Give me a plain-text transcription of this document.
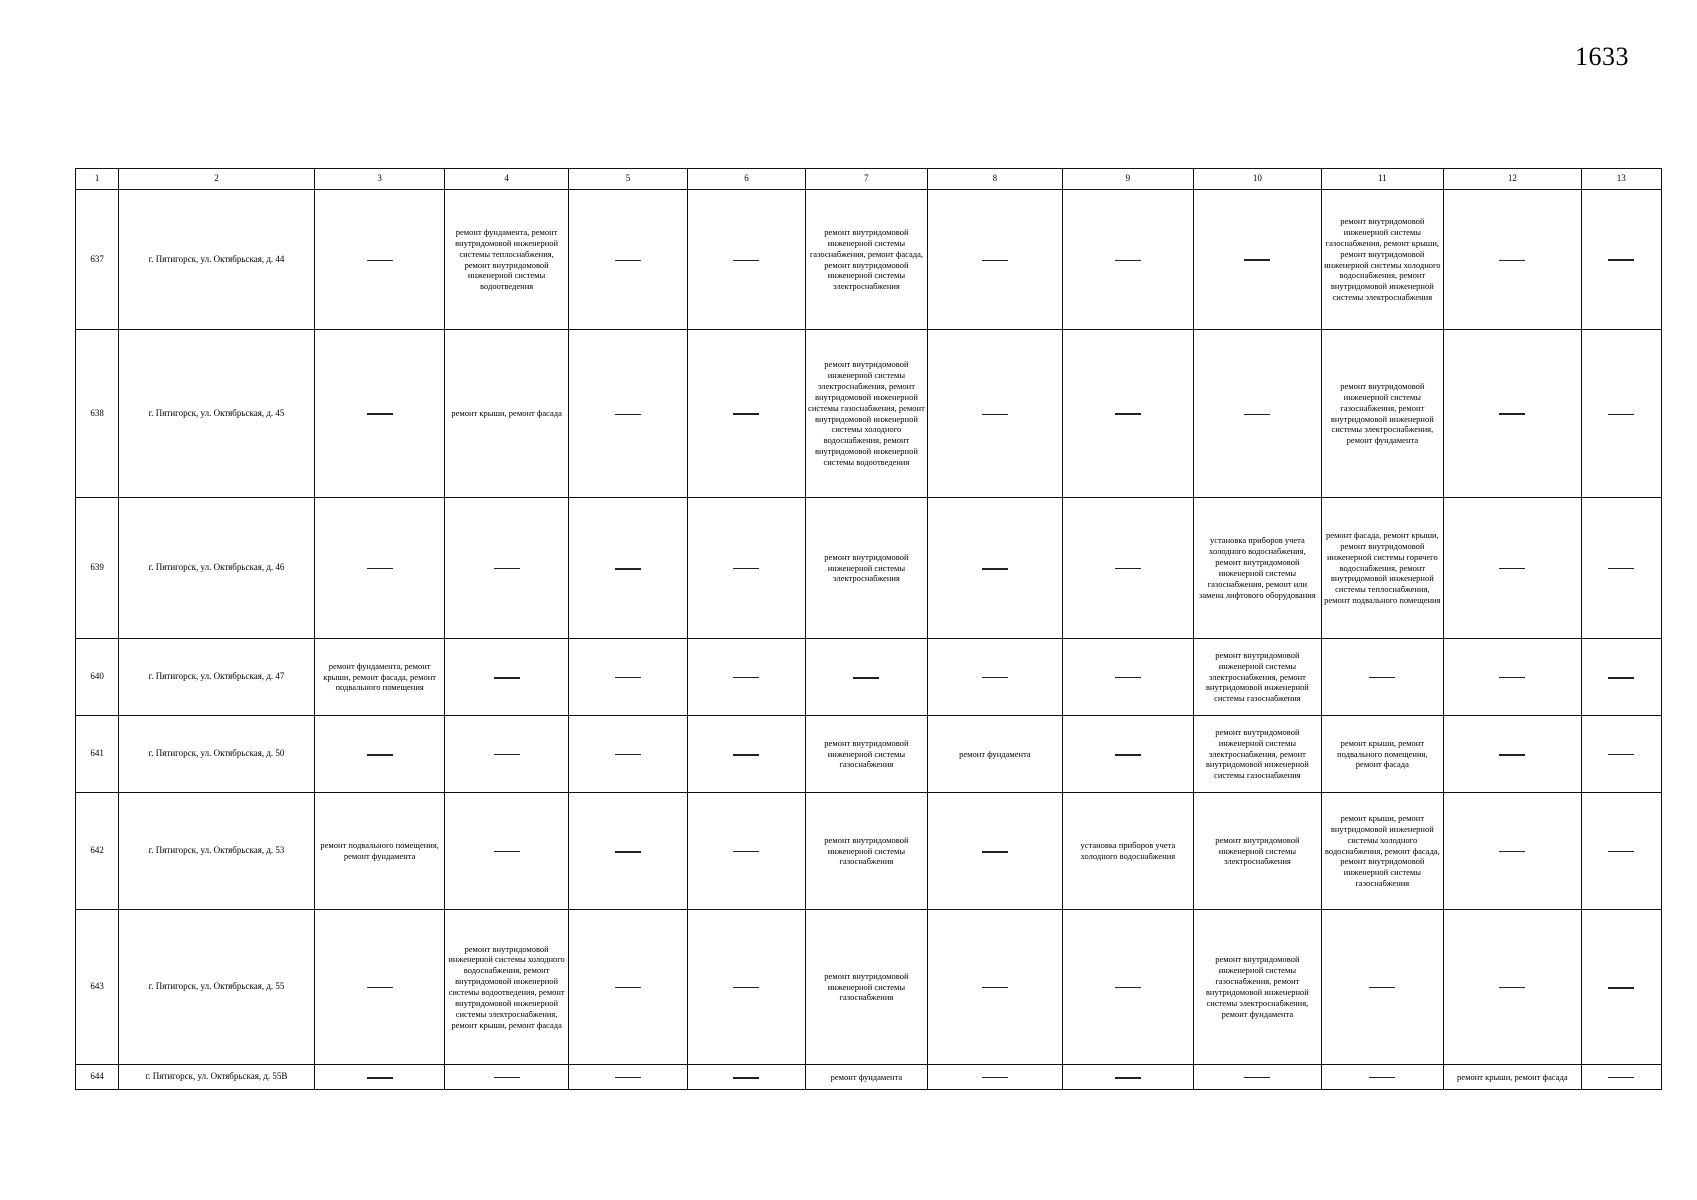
1633
1	2	3	4	5	6	7	8	9	10	11	12	13
637	г. Пятигорск, ул. Октябрьская, д. 44		ремонт фундамента, ремонт внутридомовой инженерной системы теплоснабжения, ремонт внутридомовой инженерной системы водоотведения			ремонт внутридомовой инженерной системы газоснабжения, ремонт фасада, ремонт внутридомовой инженерной системы электроснабжения				ремонт внутридомовой инженерной системы газоснабжения, ремонт крыши, ремонт внутридомовой инженерной системы холодного водоснабжения, ремонт внутридомовой инженерной системы электроснабжения		
638	г. Пятигорск, ул. Октябрьская, д. 45		ремонт крыши, ремонт фасада			ремонт внутридомовой инженерной системы электроснабжения, ремонт внутридомовой инженерной системы газоснабжения, ремонт внутридомовой инженерной системы холодного водоснабжения, ремонт внутридомовой инженерной системы водоотведения				ремонт внутридомовой инженерной системы газоснабжения, ремонт внутридомовой инженерной системы электроснабжения, ремонт фундамента		
639	г. Пятигорск, ул. Октябрьская, д. 46					ремонт внутридомовой инженерной системы электроснабжения			установка приборов учета холодного водоснабжения, ремонт внутридомовой инженерной системы газоснабжения, ремонт или замена лифтового оборудования	ремонт фасада, ремонт крыши, ремонт внутридомовой инженерной системы горячего водоснабжения, ремонт внутридомовой инженерной системы теплоснабжения, ремонт подвального помещения		
640	г. Пятигорск, ул. Октябрьская, д. 47	ремонт фундамента, ремонт крыши, ремонт фасада, ремонт подвального помещения							ремонт внутридомовой инженерной системы электроснабжения, ремонт внутридомовой инженерной системы газоснабжения			
641	г. Пятигорск, ул. Октябрьская, д. 50					ремонт внутридомовой инженерной системы газоснабжения	ремонт фундамента		ремонт внутридомовой инженерной системы электроснабжения, ремонт внутридомовой инженерной системы газоснабжения	ремонт крыши, ремонт подвального помещения, ремонт фасада		
642	г. Пятигорск, ул. Октябрьская, д. 53	ремонт подвального помещения, ремонт фундамента				ремонт внутридомовой инженерной системы газоснабжения		установка приборов учета холодного водоснабжения	ремонт внутридомовой инженерной системы электроснабжения	ремонт крыши, ремонт внутридомовой инженерной системы холодного водоснабжения, ремонт фасада, ремонт внутридомовой инженерной системы газоснабжения		
643	г. Пятигорск, ул. Октябрьская, д. 55		ремонт внутридомовой инженерной системы холодного водоснабжения, ремонт внутридомовой инженерной системы водоотведения, ремонт внутридомовой инженерной системы электроснабжения, ремонт крыши, ремонт фасада			ремонт внутридомовой инженерной системы газоснабжения			ремонт внутридомовой инженерной системы газоснабжения, ремонт внутридомовой инженерной системы электроснабжения, ремонт фундамента			
644	г. Пятигорск, ул. Октябрьская, д. 55В					ремонт фундамента					ремонт крыши, ремонт фасада	
